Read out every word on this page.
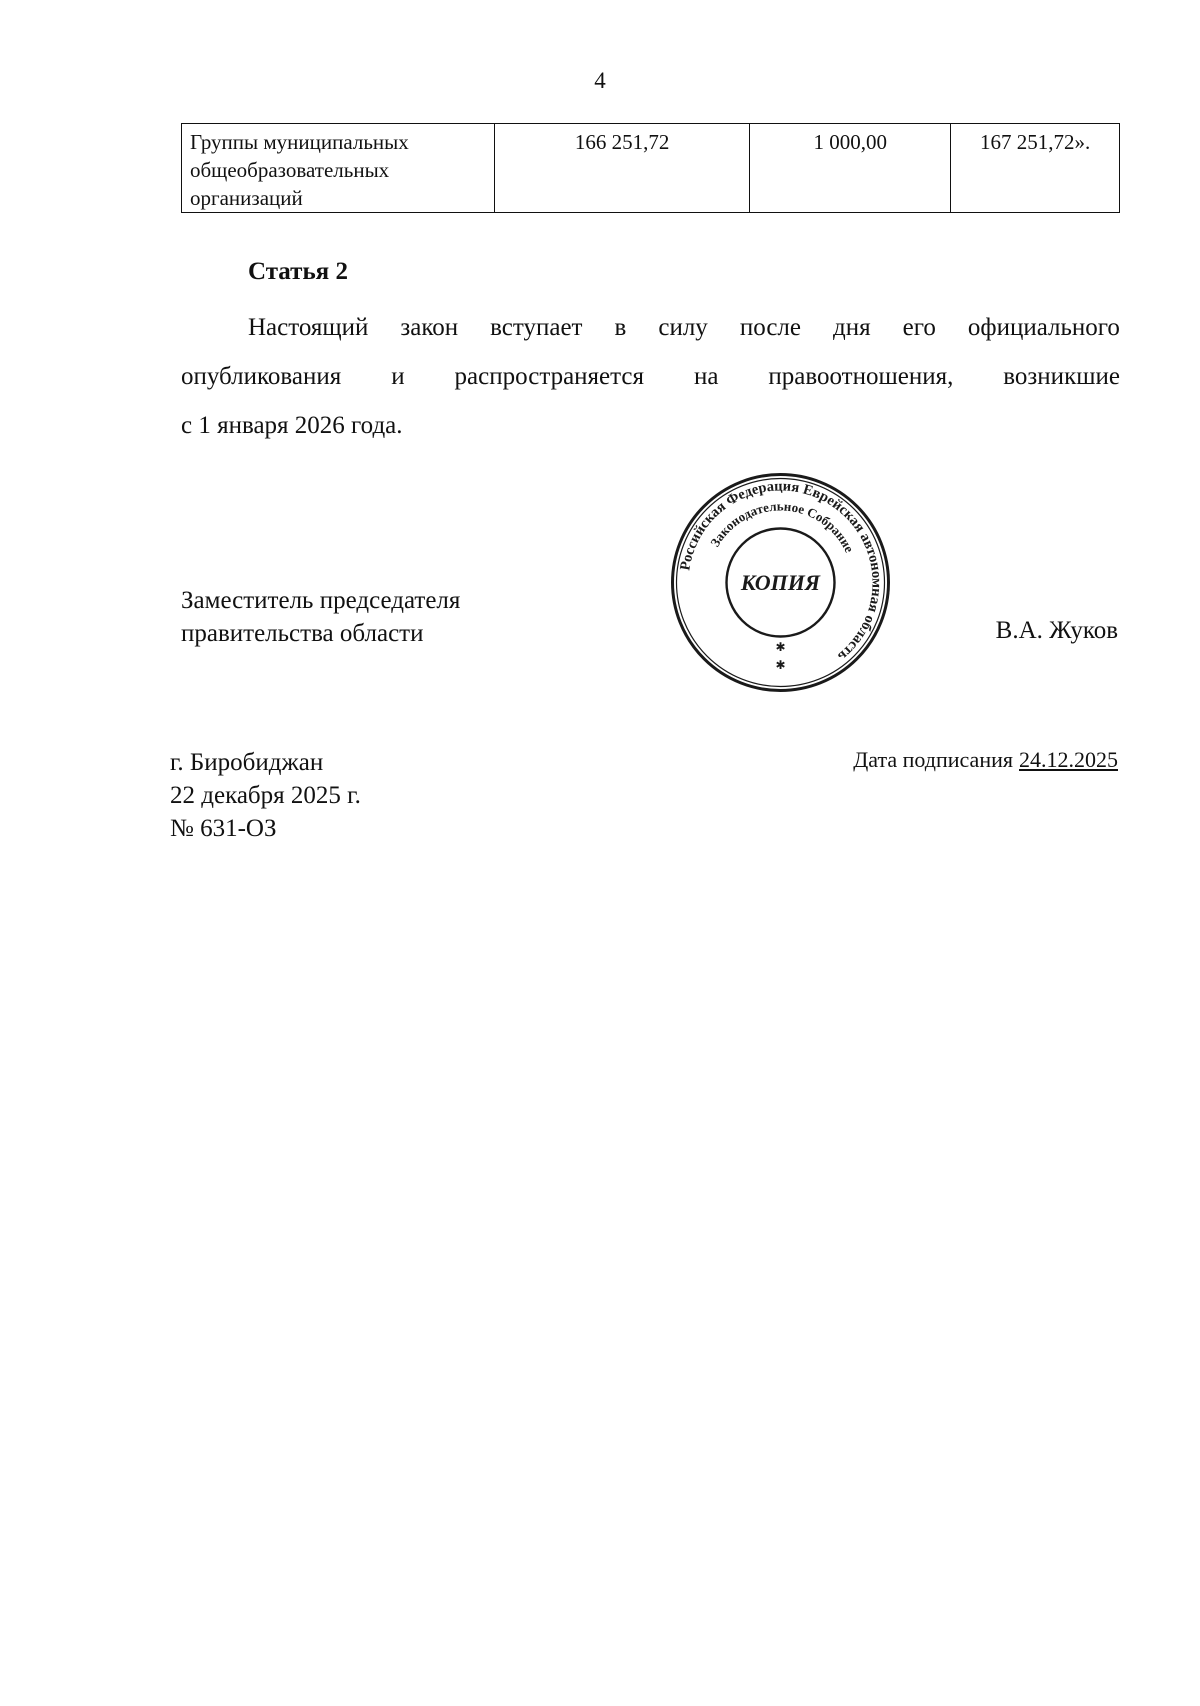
4
Группы муниципальных
общеобразовательных
организаций
	166 251,72	1 000,00	167 251,72».
Статья 2
Настоящий закон вступает в силу после дня его официального
опубликования и распространяется на правоотношения, возникшие
с 1 января 2026 года.
Заместитель председателя
правительства области
Российская Федерация Еврейская автономная область
Законодательное Собрание
КОПИЯ
✱
✱
В.А. Жуков
г. Биробиджан
22 декабря 2025 г.
№ 631-ОЗ
Дата подписания 24.12.2025
